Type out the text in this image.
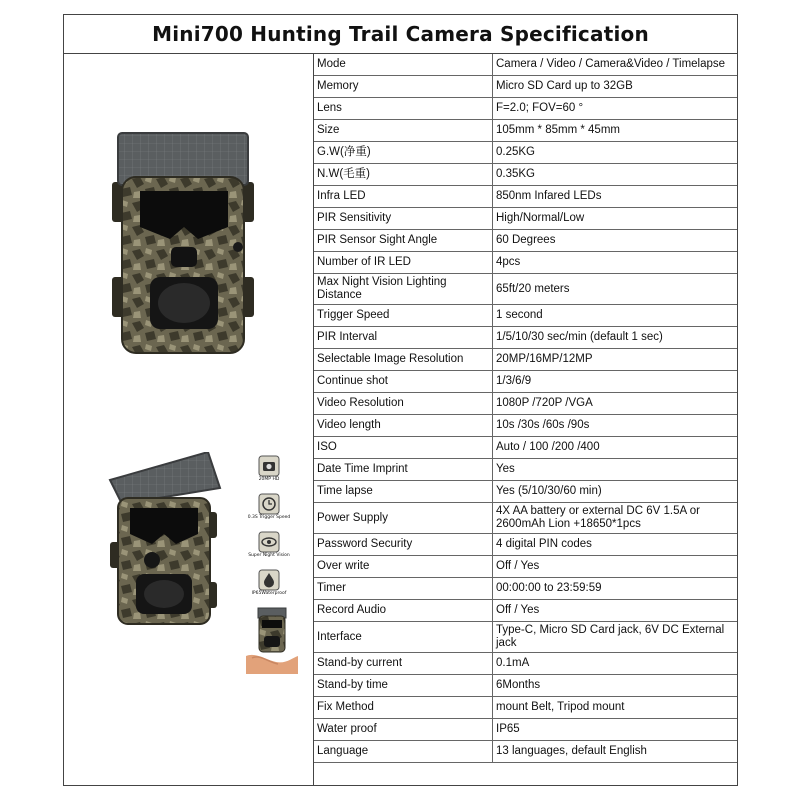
Mini700 Hunting Trail Camera Specification
20MP HD
0.3S Trigger Speed
Super Night Vision
IP65Waterproof
Mode	Camera / Video / Camera&Video / Timelapse
Memory	Micro SD Card up to 32GB
Lens	F=2.0; FOV=60 °
Size	105mm * 85mm * 45mm
G.W(净重)	0.25KG
N.W(毛重)	0.35KG
Infra LED	850nm Infared LEDs
PIR Sensitivity	High/Normal/Low
PIR Sensor Sight Angle	60 Degrees
Number of IR LED	4pcs
Max Night Vision Lighting Distance	65ft/20 meters
Trigger Speed	1 second
PIR Interval	1/5/10/30 sec/min (default 1 sec)
Selectable Image Resolution	20MP/16MP/12MP
Continue shot	1/3/6/9
Video Resolution	1080P /720P /VGA
Video length	10s /30s /60s /90s
ISO	Auto / 100 /200 /400
Date Time Imprint	Yes
Time lapse	Yes (5/10/30/60 min)
Power Supply	4X AA battery or external DC 6V 1.5A or 2600mAh Lion +18650*1pcs
Password Security	4 digital PIN codes
Over write	Off / Yes
Timer	00:00:00 to 23:59:59
Record Audio	Off / Yes
Interface	Type-C, Micro SD Card jack, 6V DC External jack
Stand-by current	0.1mA
Stand-by time	6Months
Fix Method	mount Belt, Tripod mount
Water proof	IP65
Language	13 languages, default English
